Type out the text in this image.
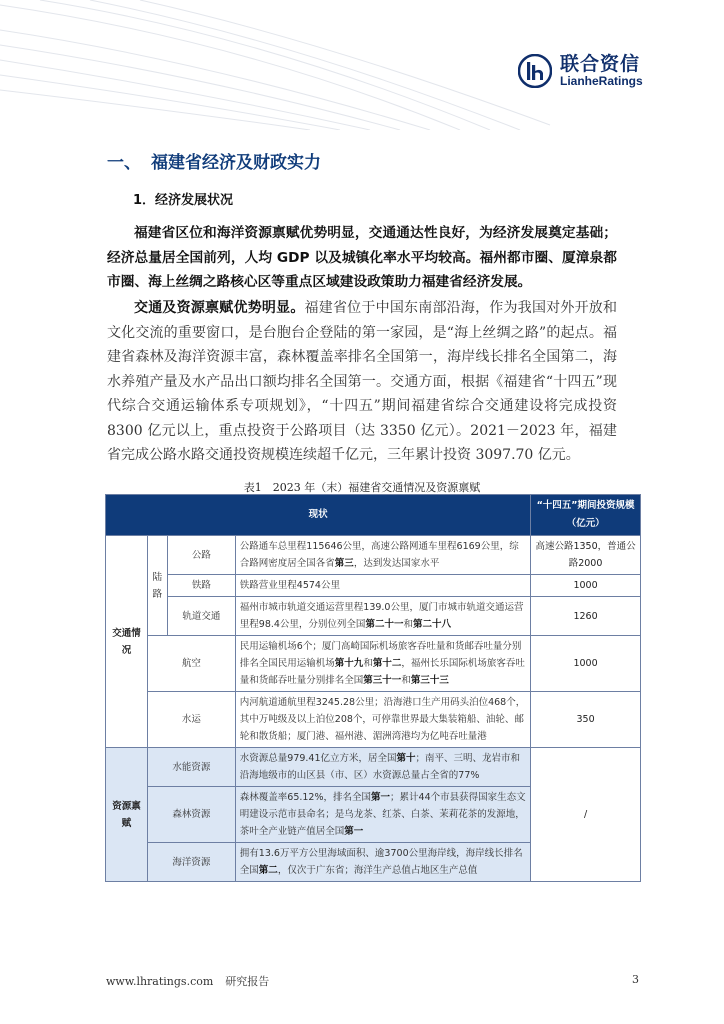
联合资信
LianheRatings
一、 福建省经济及财政实力
1．经济发展状况
福建省区位和海洋资源禀赋优势明显，交通通达性良好，为经济发展奠定基础；经济总量居全国前列，人均 GDP 以及城镇化率水平均较高。福州都市圈、厦漳泉都市圈、海上丝绸之路核心区等重点区域建设政策助力福建省经济发展。
交通及资源禀赋优势明显。福建省位于中国东南部沿海，作为我国对外开放和文化交流的重要窗口，是台胞台企登陆的第一家园，是“海上丝绸之路”的起点。福建省森林及海洋资源丰富，森林覆盖率排名全国第一，海岸线长排名全国第二，海水养殖产量及水产品出口额均排名全国第一。交通方面，根据《福建省“十四五”现代综合交通运输体系专项规划》，“十四五”期间福建省综合交通建设将完成投资 8300 亿元以上，重点投资于公路项目（达 3350 亿元）。2021－2023 年，福建省完成公路水路交通投资规模连续超千亿元，三年累计投资 3097.70 亿元。
表1　2023 年（末）福建省交通情况及资源禀赋
现状				“十四五”期间投资规模（亿元）
交通情况	陆路	公路	公路通车总里程115646公里，高速公路网通车里程6169公里，综合路网密度居全国各省第三，达到发达国家水平	高速公路1350，普通公路2000
		铁路	铁路营业里程4574公里	1000
		轨道交通	福州市城市轨道交通运营里程139.0公里，厦门市城市轨道交通运营里程98.4公里，分别位列全国第二十一和第二十八	1260
	航空		民用运输机场6个；厦门高崎国际机场旅客吞吐量和货邮吞吐量分别排名全国民用运输机场第十九和第十二，福州长乐国际机场旅客吞吐量和货邮吞吐量分别排名全国第三十一和第三十三	1000
	水运		内河航道通航里程3245.28公里；沿海港口生产用码头泊位468个，其中万吨级及以上泊位208个，可停靠世界最大集装箱船、油轮、邮轮和散货船；厦门港、福州港、湄洲湾港均为亿吨吞吐量港	350
资源禀赋	水能资源		水资源总量979.41亿立方米，居全国第十；南平、三明、龙岩市和沿海地级市的山区县（市、区）水资源总量占全省的77%	/
	森林资源		森林覆盖率65.12%，排名全国第一；累计44个市县获得国家生态文明建设示范市县命名；是乌龙茶、红茶、白茶、茉莉花茶的发源地，茶叶全产业链产值居全国第一	
	海洋资源		拥有13.6万平方公里海域面积、逾3700公里海岸线，海岸线长排名全国第二，仅次于广东省；海洋生产总值占地区生产总值	
www.lhratings.com 研究报告	3
